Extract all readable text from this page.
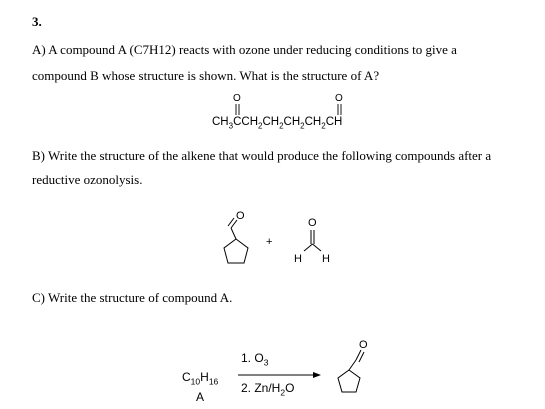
3.
A) A compound A (C7H12) reacts with ozone under reducing conditions to give a
compound B whose structure is shown. What is the structure of A?
O	O
$CH_3CCH_2CH_2CH_2CH_2CH$
B) Write the structure of the alkene that would produce the following compounds after a
reductive ozonolysis.
O
+
O
H H
C) Write the structure of compound A.
$C_{10}H_{16}$
A
1. $O_3$
2. $Zn/H_2O$
O
